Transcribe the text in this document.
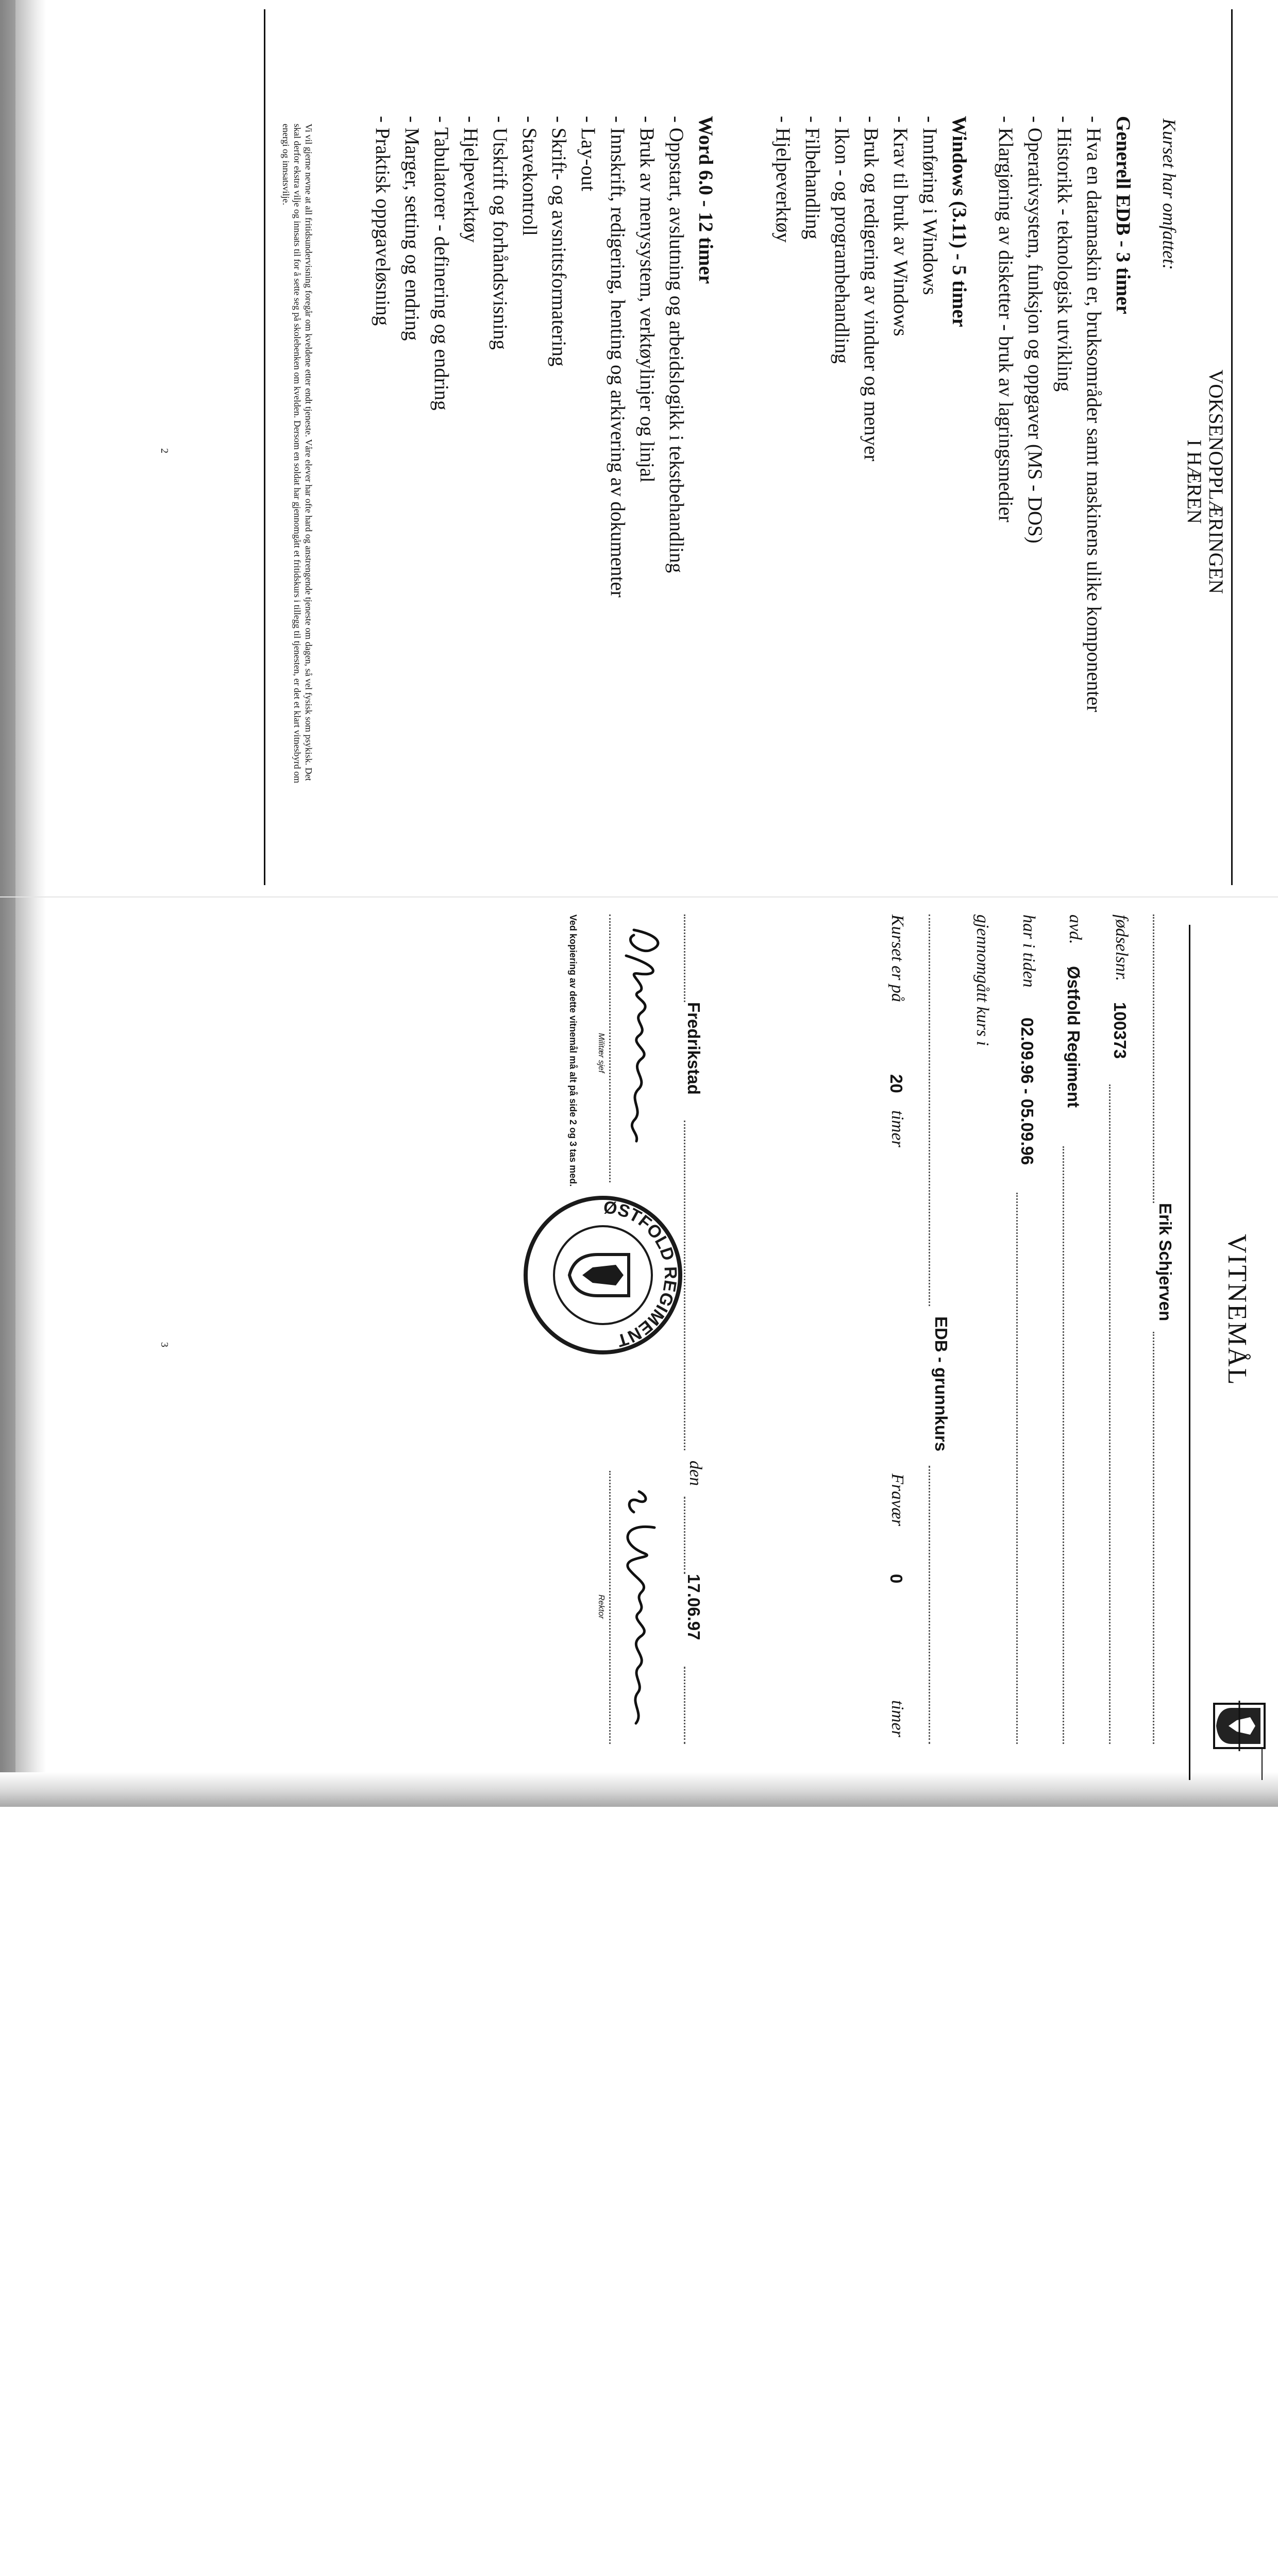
VOKSENOPPLÆRINGEN
I HÆREN
Kurset har omfattet:
Generell EDB - 3 timer
- Hva en datamaskin er, bruksområder samt maskinens ulike komponenter
- Historikk - teknologisk utvikling
- Operativsystem, funksjon og oppgaver (MS - DOS)
- Klargjøring av disketter - bruk av lagringsmedier
Windows (3.11) - 5 timer
- Innføring i Windows
- Krav til bruk av Windows
- Bruk og redigering av vinduer og menyer
- Ikon - og programbehandling
- Filbehandling
- Hjelpeverktøy
Word 6.0 - 12 timer
- Oppstart, avslutning og arbeidslogikk i tekstbehandling
- Bruk av menysystem, verktøylinjer og linjal
- Innskrift, redigering, henting og arkivering av dokumenter
- Lay-out
- Skrift- og avsnittsformatering
- Stavekontroll
- Utskrift og forhåndsvisning
- Hjelpeverktøy
- Tabulatorer - definering og endring
- Marger, setting og endring
- Praktisk oppgaveløsning
Vi vil gjerne nevne at all fritidsundervisning foregår om kveldene etter endt tjeneste. Våre elever har ofte hard og anstrengende tjeneste om dagen, så vel fysisk som psykisk. Det skal derfor ekstra vilje og innsats til for å sette seg på skolebenken om kvelden. Dersom en soldat har gjennomgått et fritidskurs i tillegg til tjenesten, er det et klart vitnesbyrd om energi og innsatsvilje.
2
VITNEMÅL
Erik Schjerven
fødselsnr.
100373
avd.
Østfold Regiment
har i tiden
02.09.96 - 05.09.96
gjennomgått kurs i
EDB - grunnkurs
Kurset er på
20
timer
Fravær
0
timer
Fredrikstad
den
17.06.97
Militær sjef
Rektor
ØSTFOLD REGIMENT
Ved kopiering av dette vitnemål må alt på side 2 og 3 tas med.
3
